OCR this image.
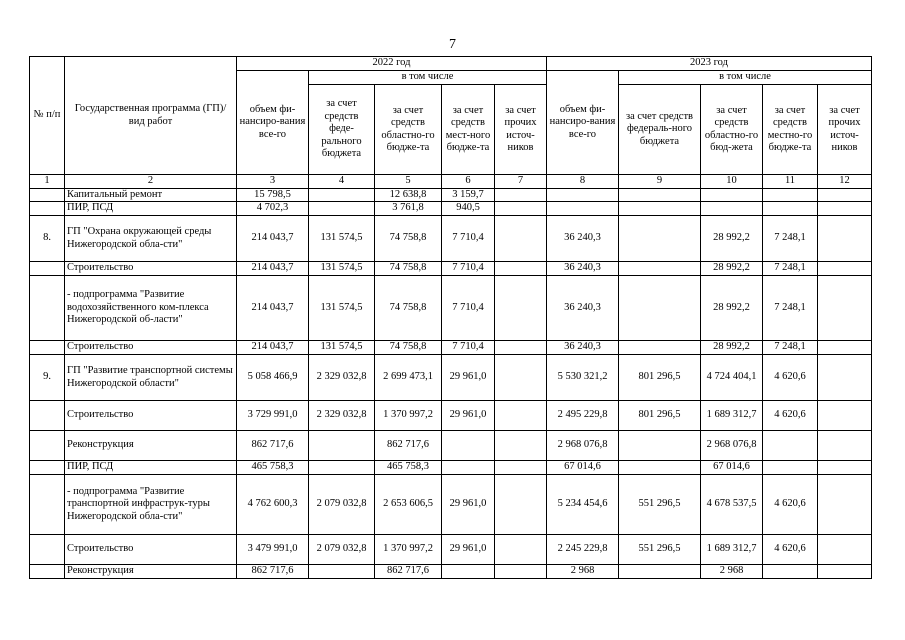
7
№ п/п	Государственная программа (ГП)/ вид работ	2022 год					2023 год				
		объем фи-нансиро-вания все-го	в том числе				объем фи-нансиро-вания все-го	в том числе			
			за счет средств феде-рального бюджета	за счет средств областно-го бюдже-та	за счет средств мест-ного бюдже-та	за счет прочих источ-ников		за счет средств федераль-ного бюджета	за счет средств областно-го бюд-жета	за счет средств местно-го бюдже-та	за счет прочих источ-ников
1	2	3	4	5	6	7	8	9	10	11	12
	Капитальный ремонт	15 798,5		12 638,8	3 159,7						
	ПИР, ПСД	4 702,3		3 761,8	940,5						
8.	ГП "Охрана окружающей среды Нижегородской обла-сти"	214 043,7	131 574,5	74 758,8	7 710,4		36 240,3		28 992,2	7 248,1	
	Строительство	214 043,7	131 574,5	74 758,8	7 710,4		36 240,3		28 992,2	7 248,1	
	- подпрограмма "Развитие водохозяйственного ком-плекса Нижегородской об-ласти"	214 043,7	131 574,5	74 758,8	7 710,4		36 240,3		28 992,2	7 248,1	
	Строительство	214 043,7	131 574,5	74 758,8	7 710,4		36 240,3		28 992,2	7 248,1	
9.	ГП "Развитие транспортной системы Нижегородской области"	5 058 466,9	2 329 032,8	2 699 473,1	29 961,0		5 530 321,2	801 296,5	4 724 404,1	4 620,6	
	Строительство	3 729 991,0	2 329 032,8	1 370 997,2	29 961,0		2 495 229,8	801 296,5	1 689 312,7	4 620,6	
	Реконструкция	862 717,6		862 717,6			2 968 076,8		2 968 076,8		
	ПИР, ПСД	465 758,3		465 758,3			67 014,6		67 014,6		
	- подпрограмма "Развитие транспортной инфраструк-туры Нижегородской обла-сти"	4 762 600,3	2 079 032,8	2 653 606,5	29 961,0		5 234 454,6	551 296,5	4 678 537,5	4 620,6	
	Строительство	3 479 991,0	2 079 032,8	1 370 997,2	29 961,0		2 245 229,8	551 296,5	1 689 312,7	4 620,6	
	Реконструкция	862 717,6		862 717,6			2 968		2 968		
